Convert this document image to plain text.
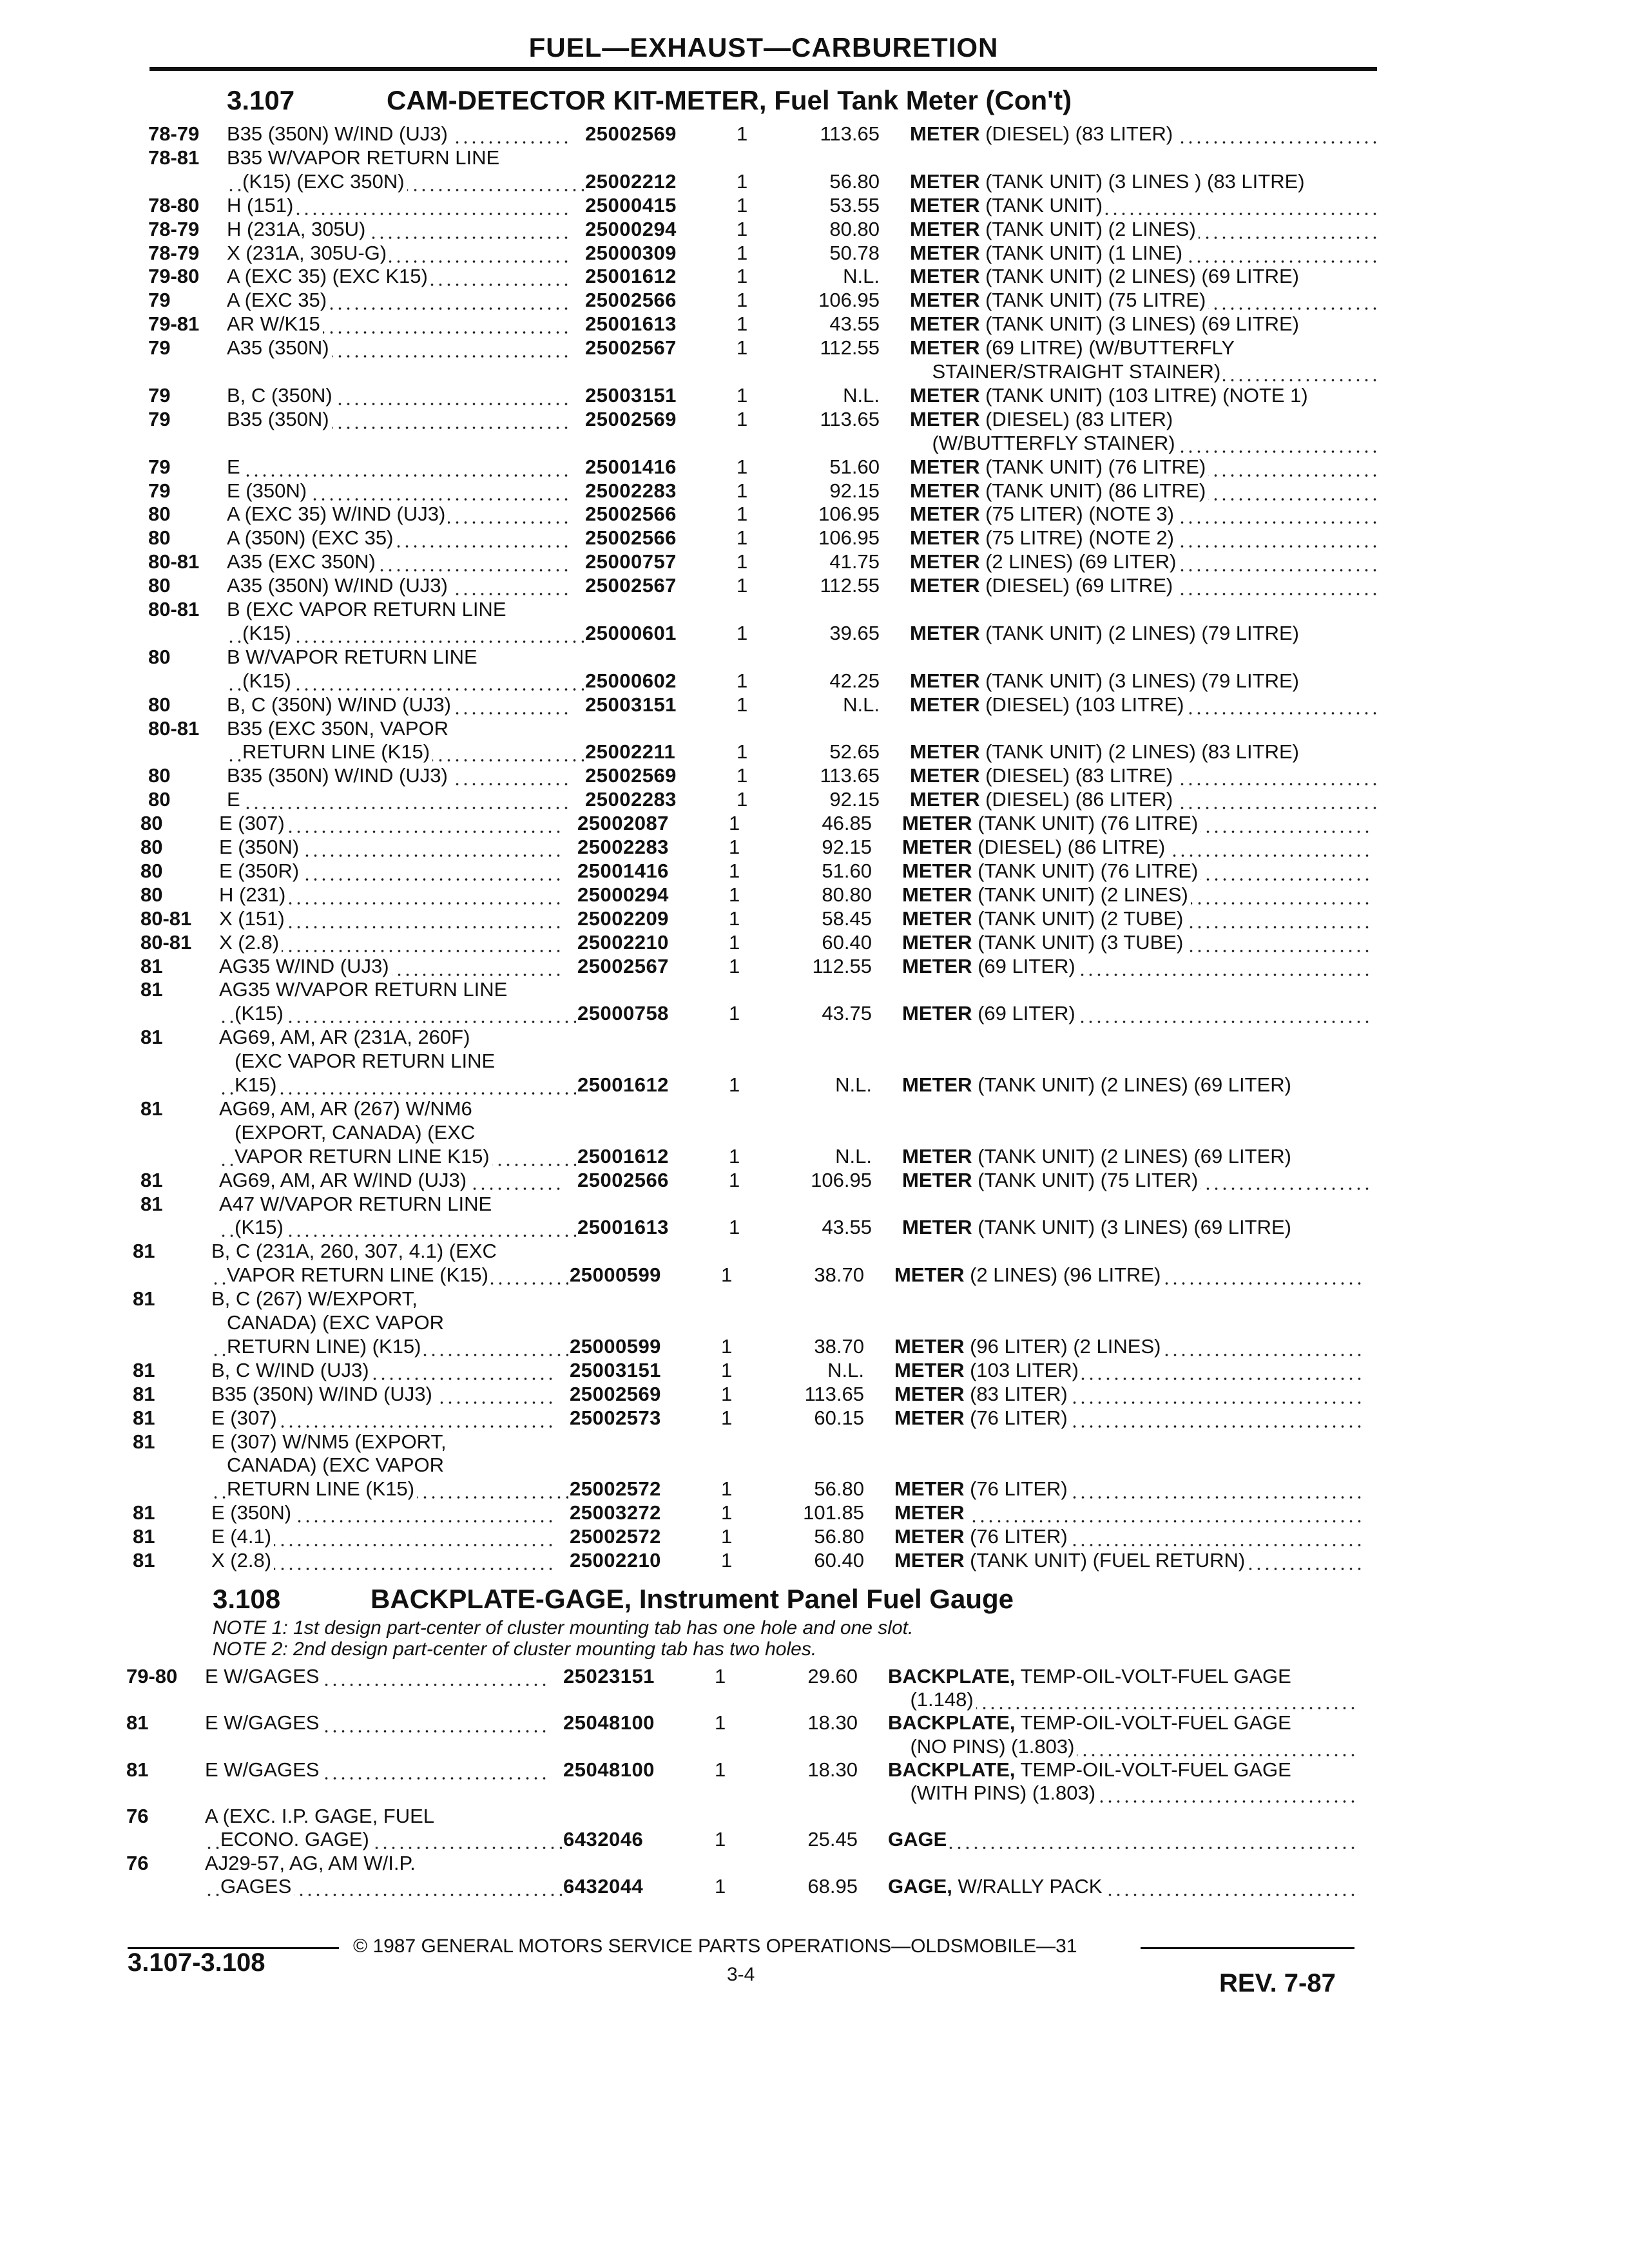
FUEL—EXHAUST—CARBURETION
3.107	CAM-DETECTOR KIT-METER, Fuel Tank Meter (Con't)
3.108	BACKPLATE-GAGE, Instrument Panel Fuel Gauge
NOTE 1: 1st design part-center of cluster mounting tab has one hole and one slot.
NOTE 2: 2nd design part-center of cluster mounting tab has two holes.
78-79	B35 (350N) W/IND (UJ3)	25002569	1	113.65 METER (DIESEL) (83 LITER)
78-81	B35 W/VAPOR RETURN LINE
(K15) (EXC 350N)	25002212	1	56.80 METER (TANK UNIT) (3 LINES ) (83 LITRE)
78-80	H (151)	25000415	1	53.55 METER (TANK UNIT)
78-79	H (231A, 305U)	25000294	1	80.80 METER (TANK UNIT) (2 LINES)
78-79	X (231A, 305U-G)	25000309	1	50.78 METER (TANK UNIT) (1 LINE)
79-80	A (EXC 35) (EXC K15)	25001612	1	N.L. METER (TANK UNIT) (2 LINES) (69 LITRE)
79	A (EXC 35)	25002566	1	106.95 METER (TANK UNIT) (75 LITRE)
79-81	AR W/K15	25001613	1	43.55 METER (TANK UNIT) (3 LINES) (69 LITRE)
79	A35 (350N)	25002567	1	112.55 METER (69 LITRE) (W/BUTTERFLY
STAINER/STRAIGHT STAINER)
79	B, C (350N)	25003151	1	N.L. METER (TANK UNIT) (103 LITRE) (NOTE 1)
79	B35 (350N)	25002569	1	113.65 METER (DIESEL) (83 LITER)
(W/BUTTERFLY STAINER)
79	E	25001416	1	51.60 METER (TANK UNIT) (76 LITRE)
79	E (350N)	25002283	1	92.15 METER (TANK UNIT) (86 LITRE)
80	A (EXC 35) W/IND (UJ3)	25002566	1	106.95 METER (75 LITER) (NOTE 3)
80	A (350N) (EXC 35)	25002566	1	106.95 METER (75 LITRE) (NOTE 2)
80-81	A35 (EXC 350N)	25000757	1	41.75 METER (2 LINES) (69 LITER)
80	A35 (350N) W/IND (UJ3)	25002567	1	112.55 METER (DIESEL) (69 LITRE)
80-81	B (EXC VAPOR RETURN LINE
(K15)	25000601	1	39.65 METER (TANK UNIT) (2 LINES) (79 LITRE)
80	B W/VAPOR RETURN LINE
(K15)	25000602	1	42.25 METER (TANK UNIT) (3 LINES) (79 LITRE)
80	B, C (350N) W/IND (UJ3)	25003151	1	N.L. METER (DIESEL) (103 LITRE)
80-81	B35 (EXC 350N, VAPOR
RETURN LINE (K15)	25002211	1	52.65 METER (TANK UNIT) (2 LINES) (83 LITRE)
80	B35 (350N) W/IND (UJ3)	25002569	1	113.65 METER (DIESEL) (83 LITRE)
80	E	25002283	1	92.15 METER (DIESEL) (86 LITER)
80	E (307)	25002087	1	46.85 METER (TANK UNIT) (76 LITRE)
80	E (350N)	25002283	1	92.15 METER (DIESEL) (86 LITRE)
80	E (350R)	25001416	1	51.60 METER (TANK UNIT) (76 LITRE)
80	H (231)	25000294	1	80.80 METER (TANK UNIT) (2 LINES)
80-81	X (151)	25002209	1	58.45 METER (TANK UNIT) (2 TUBE)
80-81	X (2.8)	25002210	1	60.40 METER (TANK UNIT) (3 TUBE)
81	AG35 W/IND (UJ3)	25002567	1	112.55 METER (69 LITER)
81	AG35 W/VAPOR RETURN LINE
(K15)	25000758	1	43.75 METER (69 LITER)
81	AG69, AM, AR (231A, 260F)
(EXC VAPOR RETURN LINE
K15)	25001612	1	N.L. METER (TANK UNIT) (2 LINES) (69 LITER)
81	AG69, AM, AR (267) W/NM6
(EXPORT, CANADA) (EXC
VAPOR RETURN LINE K15)	25001612	1	N.L. METER (TANK UNIT) (2 LINES) (69 LITER)
81	AG69, AM, AR W/IND (UJ3)	25002566	1	106.95 METER (TANK UNIT) (75 LITER)
81	A47 W/VAPOR RETURN LINE
(K15)	25001613	1	43.55 METER (TANK UNIT) (3 LINES) (69 LITRE)
81	B, C (231A, 260, 307, 4.1) (EXC
VAPOR RETURN LINE (K15)	25000599	1	38.70 METER (2 LINES) (96 LITRE)
81	B, C (267) W/EXPORT,
CANADA) (EXC VAPOR
RETURN LINE) (K15)	25000599	1	38.70 METER (96 LITER) (2 LINES)
81	B, C W/IND (UJ3)	25003151	1	N.L. METER (103 LITER)
81	B35 (350N) W/IND (UJ3)	25002569	1	113.65 METER (83 LITER)
81	E (307)	25002573	1	60.15 METER (76 LITER)
81	E (307) W/NM5 (EXPORT,
CANADA) (EXC VAPOR
RETURN LINE (K15)	25002572	1	56.80 METER (76 LITER)
81	E (350N)	25003272	1	101.85 METER
81	E (4.1)	25002572	1	56.80 METER (76 LITER)
81	X (2.8)	25002210	1	60.40 METER (TANK UNIT) (FUEL RETURN)
79-80	E W/GAGES	25023151	1	29.60 BACKPLATE, TEMP-OIL-VOLT-FUEL GAGE
(1.148)
81	E W/GAGES	25048100	1	18.30 BACKPLATE, TEMP-OIL-VOLT-FUEL GAGE
(NO PINS) (1.803)
81	E W/GAGES	25048100	1	18.30 BACKPLATE, TEMP-OIL-VOLT-FUEL GAGE
(WITH PINS) (1.803)
76	A (EXC. I.P. GAGE, FUEL
ECONO. GAGE)	6432046	1	25.45 GAGE
76	AJ29-57, AG, AM W/I.P.
GAGES	6432044	1	68.95 GAGE, W/RALLY PACK
© 1987 GENERAL MOTORS SERVICE PARTS OPERATIONS—OLDSMOBILE—31
3.107-3.108	3-4	REV. 7-87
